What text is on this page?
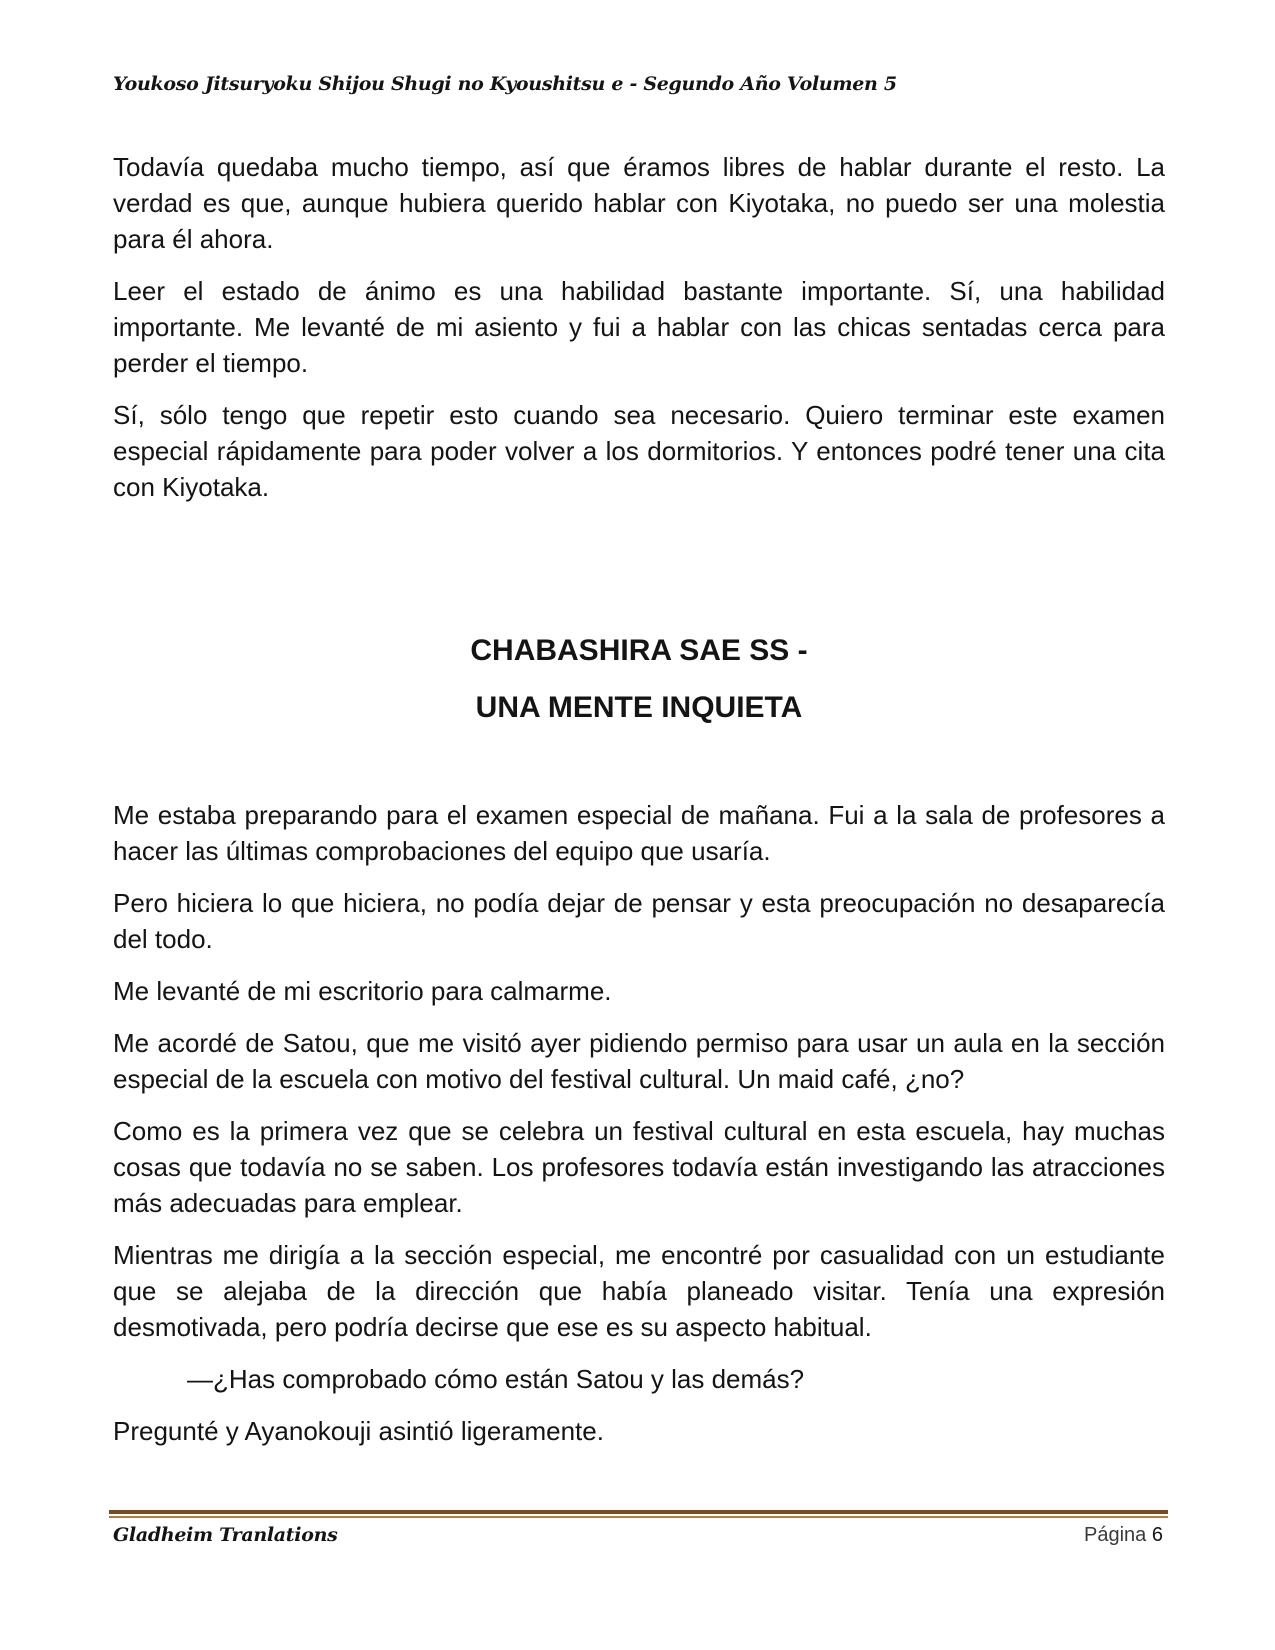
Youkoso Jitsuryoku Shijou Shugi no Kyoushitsu e - Segundo Año Volumen 5

Todavía quedaba mucho tiempo, así que éramos libres de hablar durante el resto. La verdad es que, aunque hubiera querido hablar con Kiyotaka, no puedo ser una molestia para él ahora.

Leer el estado de ánimo es una habilidad bastante importante. Sí, una habilidad importante. Me levanté de mi asiento y fui a hablar con las chicas sentadas cerca para perder el tiempo.

Sí, sólo tengo que repetir esto cuando sea necesario. Quiero terminar este examen especial rápidamente para poder volver a los dormitorios. Y entonces podré tener una cita con Kiyotaka.

CHABASHIRA SAE SS -
UNA MENTE INQUIETA

Me estaba preparando para el examen especial de mañana. Fui a la sala de profesores a hacer las últimas comprobaciones del equipo que usaría.

Pero hiciera lo que hiciera, no podía dejar de pensar y esta preocupación no desaparecía del todo.

Me levanté de mi escritorio para calmarme.

Me acordé de Satou, que me visitó ayer pidiendo permiso para usar un aula en la sección especial de la escuela con motivo del festival cultural. Un maid café, ¿no?

Como es la primera vez que se celebra un festival cultural en esta escuela, hay muchas cosas que todavía no se saben. Los profesores todavía están investigando las atracciones más adecuadas para emplear.

Mientras me dirigía a la sección especial, me encontré por casualidad con un estudiante que se alejaba de la dirección que había planeado visitar. Tenía una expresión desmotivada, pero podría decirse que ese es su aspecto habitual.

—¿Has comprobado cómo están Satou y las demás?

Pregunté y Ayanokouji asintió ligeramente.

Gladheim Tranlations	Página 6
